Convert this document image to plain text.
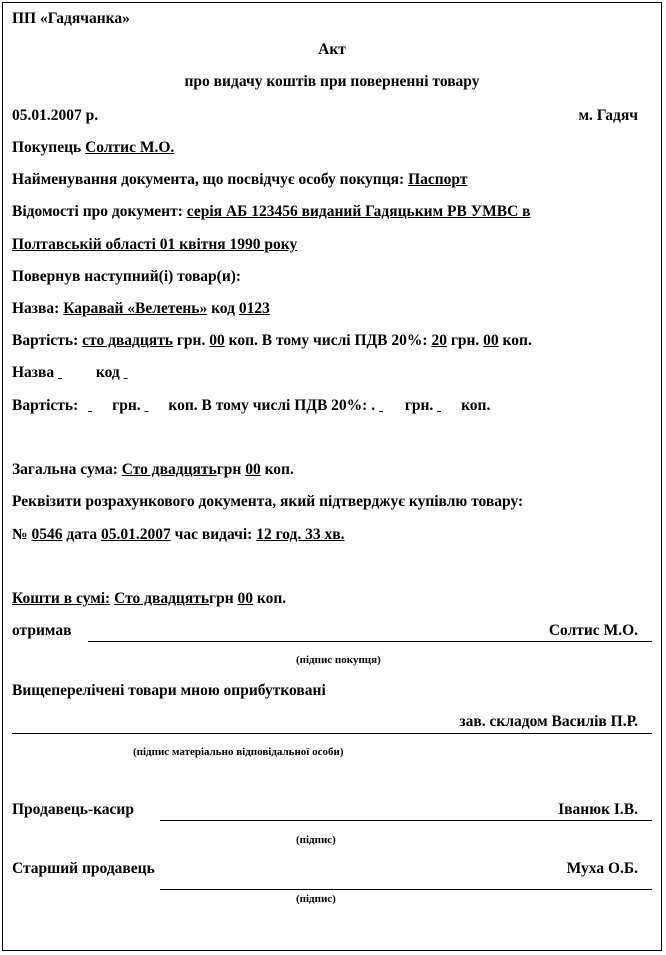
ПП «Гадячанка»
Акт
про видачу коштів при поверненні товару
05.01.2007 р.	м. Гадяч
Покупець Солтис М.О.
Найменування документа, що посвідчує особу покупця: Паспорт
Відомості про документ: серія АБ 123456 виданий Гадяцьким РВ УМВС в
Полтавській області 01 квітня 1990 року
Повернув наступний(і) товар(и):
Назва: Каравай «Велетень» код 0123
Вартість: сто двадцять грн. 00 коп. В тому числі ПДВ 20%: 20 грн. 00 коп.
Назва	код
Вартість: грн. коп. В тому числі ПДВ 20%: . грн. коп.
Загальна сума: Сто двадцятьгрн 00 коп.
Реквізити розрахункового документа, який підтверджує купівлю товару:
№ 0546 дата 05.01.2007 час видачі: 12 год. 33 хв.
Кошти в сумі: Сто двадцятьгрн 00 коп.
отримав	Солтис М.О.
(підпис покупця)
Вищеперелічені товари мною оприбутковані
зав. складом Василів П.Р.
(підпис матеріально відповідальної особи)
Продавець-касир	Іванюк І.В.
(підпис)
Старший продавець	Муха О.Б.
(підпис)
